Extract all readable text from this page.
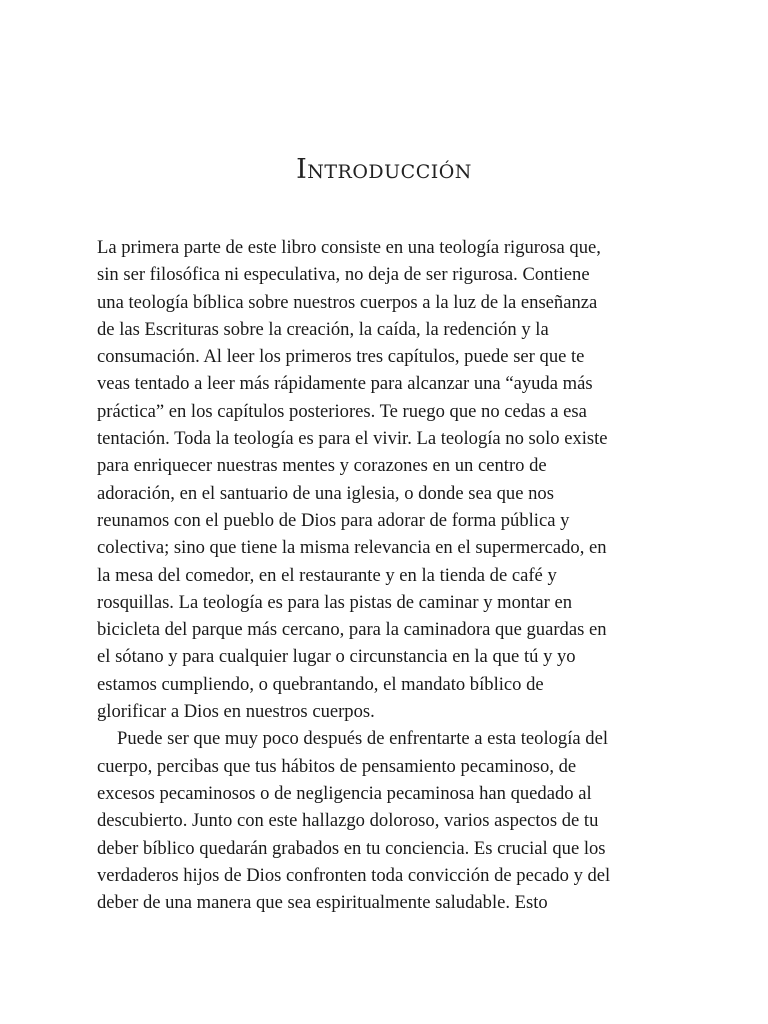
Introducción

La primera parte de este libro consiste en una teología rigurosa que,
sin ser filosófica ni especulativa, no deja de ser rigurosa. Contiene
una teología bíblica sobre nuestros cuerpos a la luz de la enseñanza
de las Escrituras sobre la creación, la caída, la redención y la
consumación. Al leer los primeros tres capítulos, puede ser que te
veas tentado a leer más rápidamente para alcanzar una “ayuda más
práctica” en los capítulos posteriores. Te ruego que no cedas a esa
tentación. Toda la teología es para el vivir. La teología no solo existe
para enriquecer nuestras mentes y corazones en un centro de
adoración, en el santuario de una iglesia, o donde sea que nos
reunamos con el pueblo de Dios para adorar de forma pública y
colectiva; sino que tiene la misma relevancia en el supermercado, en
la mesa del comedor, en el restaurante y en la tienda de café y
rosquillas. La teología es para las pistas de caminar y montar en
bicicleta del parque más cercano, para la caminadora que guardas en
el sótano y para cualquier lugar o circunstancia en la que tú y yo
estamos cumpliendo, o quebrantando, el mandato bíblico de
glorificar a Dios en nuestros cuerpos.

Puede ser que muy poco después de enfrentarte a esta teología del
cuerpo, percibas que tus hábitos de pensamiento pecaminoso, de
excesos pecaminosos o de negligencia pecaminosa han quedado al
descubierto. Junto con este hallazgo doloroso, varios aspectos de tu
deber bíblico quedarán grabados en tu conciencia. Es crucial que los
verdaderos hijos de Dios confronten toda convicción de pecado y del
deber de una manera que sea espiritualmente saludable. Esto
